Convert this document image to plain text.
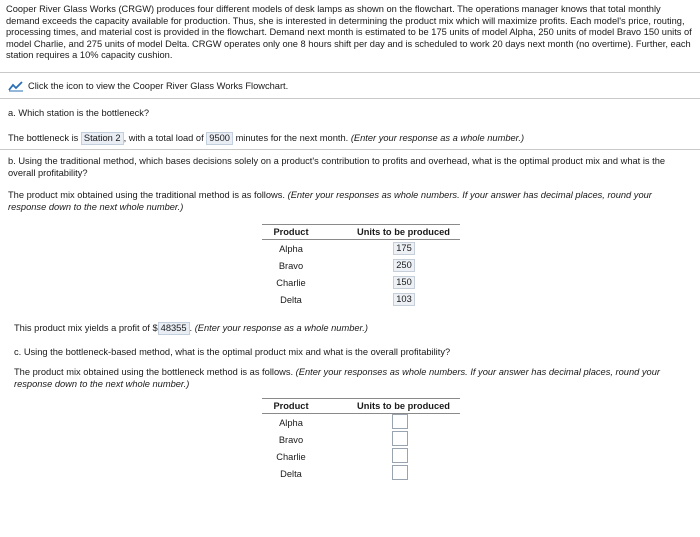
Cooper River Glass Works (CRGW) produces four different models of desk lamps as shown on the flowchart. The operations manager knows that total monthly demand exceeds the capacity available for production. Thus, she is interested in determining the product mix which will maximize profits. Each model's price, routing, processing times, and material cost is provided in the flowchart. Demand next month is estimated to be 175 units of model Alpha, 250 units of model Bravo 150 units of model Charlie, and 275 units of model Delta. CRGW operates only one 8 hours shift per day and is scheduled to work 20 days next month (no overtime). Further, each station requires a 10% capacity cushion.
Click the icon to view the Cooper River Glass Works Flowchart.
a. Which station is the bottleneck?
The bottleneck is Station 2 , with a total load of 9500 minutes for the next month. (Enter your response as a whole number.)
b. Using the traditional method, which bases decisions solely on a product's contribution to profits and overhead, what is the optimal product mix and what is the overall profitability?
The product mix obtained using the traditional method is as follows. (Enter your responses as whole numbers. If your answer has decimal places, round your response down to the next whole number.)
Product	Units to be produced
Alpha	175
Bravo	250
Charlie	150
Delta	103
This product mix yields a profit of $ 48355 . (Enter your response as a whole number.)
c. Using the bottleneck-based method, what is the optimal product mix and what is the overall profitability?
The product mix obtained using the bottleneck method is as follows. (Enter your responses as whole numbers. If your answer has decimal places, round your response down to the next whole number.)
Product	Units to be produced
Alpha	
Bravo	
Charlie	
Delta	
